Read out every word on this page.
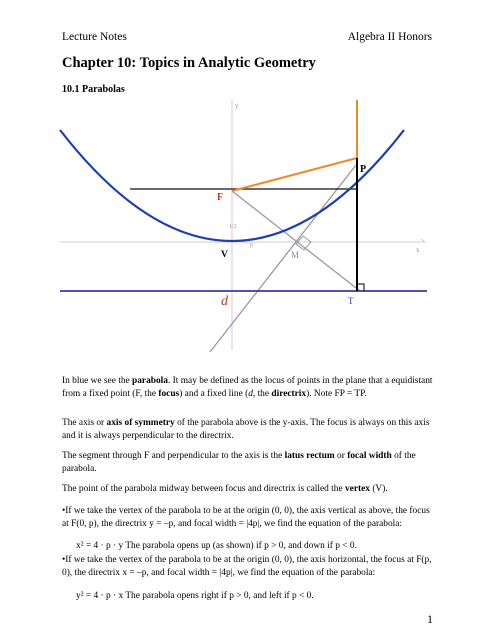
Lecture Notes	Algebra II Honors
Chapter 10: Topics in Analytic Geometry
10.1 Parabolas
y
x
1/2
p
F
P
V	M
d	T

In blue we see the parabola. It may be defined as the locus of points in the plane that a equidistant from a fixed point (F, the focus) and a fixed line (d, the directrix). Note FP = TP.

The axis or axis of symmetry of the parabola above is the y-axis. The focus is always on this axis and it is always perpendicular to the directrix.

The segment through F and perpendicular to the axis is the latus rectum or focal width of the parabola.

The point of the parabola midway between focus and directrix is called the vertex (V).

•If we take the vertex of the parabola to be at the origin (0, 0), the axis vertical as above, the focus at F(0, p), the directrix y = –p, and focal width = |4p|, we find the equation of the parabola:

x² = 4 · p · y The parabola opens up (as shown) if p > 0, and down if p < 0.

•If we take the vertex of the parabola to be at the origin (0, 0), the axis horizontal, the focus at F(p, 0), the directrix x = –p, and focal width = |4p|, we find the equation of the parabola:

y² = 4 · p · x The parabola opens right if p > 0, and left if p < 0.
1
